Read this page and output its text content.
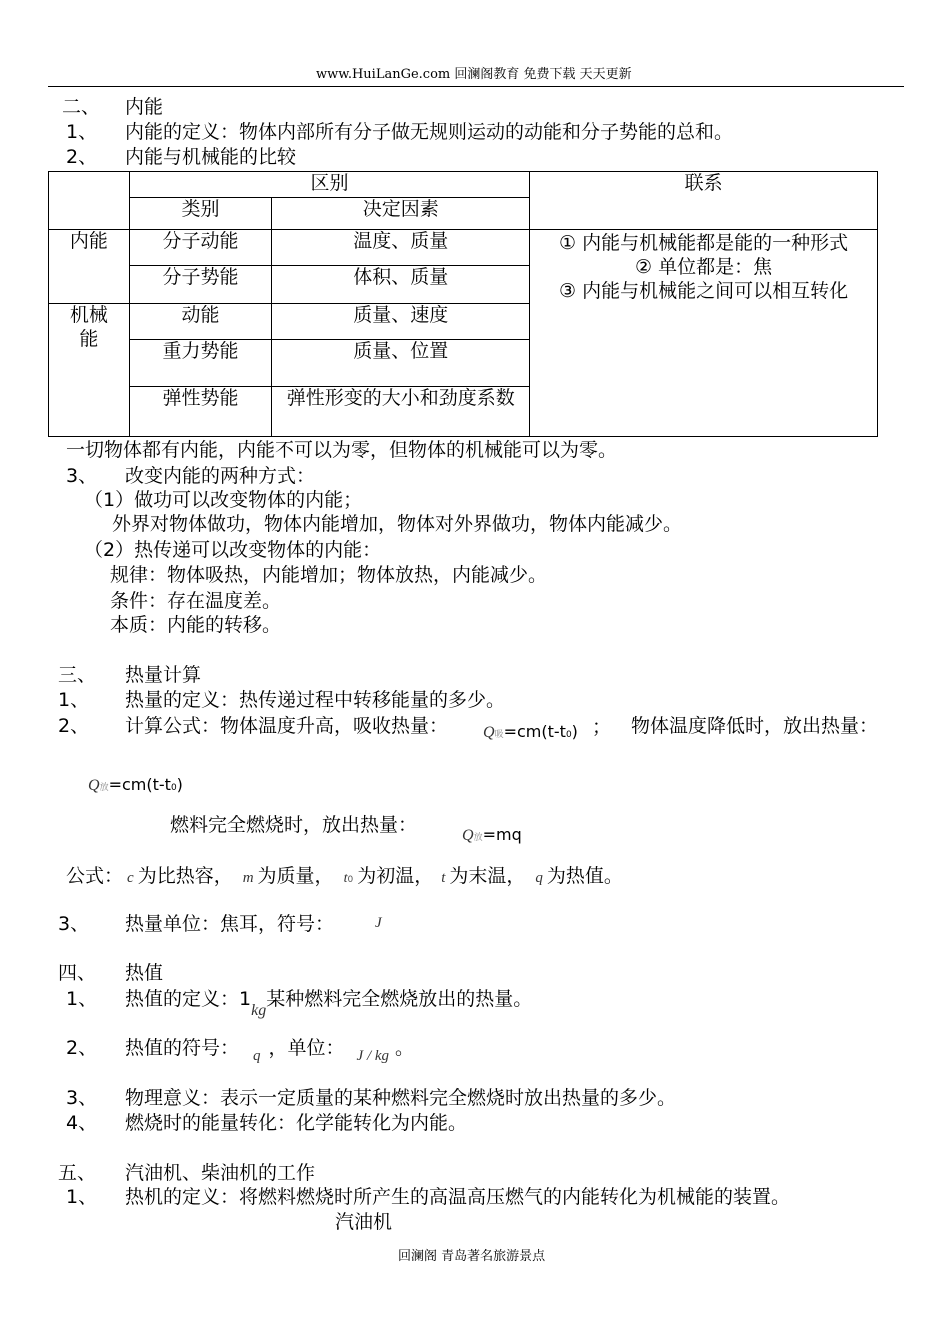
www.HuiLanGe.com 回澜阁教育 免费下载 天天更新
二、 内能
1、 内能的定义：物体内部所有分子做无规则运动的动能和分子势能的总和。
2、 内能与机械能的比较
	区别		联系
	类别	决定因素	
内能	分子动能	温度、质量	① 内能与机械能都是能的一种形式
② 单位都是：焦
③ 内能与机械能之间可以相互转化

	分子势能	体积、质量	

机械能	动能	质量、速度	
	重力势能	质量、位置	
	弹性势能	弹性形变的大小和劲度系数	
一切物体都有内能，内能不可以为零，但物体的机械能可以为零。
3、 改变内能的两种方式：
（1）做功可以改变物体的内能；
外界对物体做功，物体内能增加，物体对外界做功，物体内能减少。
（2）热传递可以改变物体的内能：
规律：物体吸热，内能增加；物体放热，内能减少。
条件：存在温度差。
本质：内能的转移。
三、 热量计算
1、 热量的定义：热传递过程中转移能量的多少。
2、 计算公式：物体温度升高，吸收热量： Q吸=cm(t-t0) ； 物体温度降低时，放出热量：
Q放=cm(t-t0)
燃料完全燃烧时，放出热量：	Q放=mq
公式： c 为比热容， m 为质量， t0 为初温， t 为末温， q 为热值。
3、 热量单位：焦耳，符号：	J
四、 热值
1、 热值的定义：$1_{kg}$某种燃料完全燃烧放出的热量。
2、 热值的符号： $_q$ ，单位： $_{J / kg}$ 。
3、 物理意义：表示一定质量的某种燃料完全燃烧时放出热量的多少。
4、 燃烧时的能量转化：化学能转化为内能。
五、 汽油机、柴油机的工作
1、 热机的定义：将燃料燃烧时所产生的高温高压燃气的内能转化为机械能的装置。
汽油机
回澜阁 青岛著名旅游景点
